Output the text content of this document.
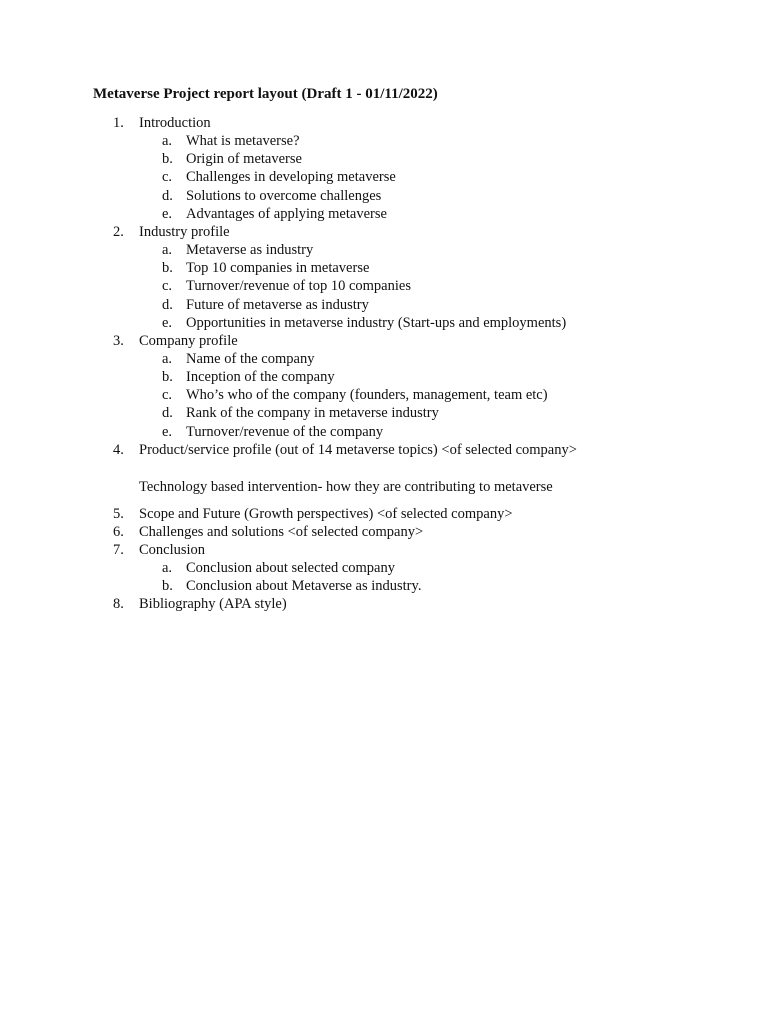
Metaverse Project report layout (Draft 1 - 01/11/2022)
1.	Introduction
a. What is metaverse?
b. Origin of metaverse
c. Challenges in developing metaverse
d. Solutions to overcome challenges
e. Advantages of applying metaverse
2.	Industry profile
a. Metaverse as industry
b. Top 10 companies in metaverse
c. Turnover/revenue of top 10 companies
d. Future of metaverse as industry
e. Opportunities in metaverse industry (Start-ups and employments)
3.	Company profile
a. Name of the company
b. Inception of the company
c. Who’s who of the company (founders, management, team etc)
d. Rank of the company in metaverse industry
e. Turnover/revenue of the company
4.	Product/service profile (out of 14 metaverse topics) <of selected company>
Technology based intervention- how they are contributing to metaverse
5.	Scope and Future (Growth perspectives) <of selected company>
6.	Challenges and solutions <of selected company>
7.	Conclusion
a. Conclusion about selected company
b. Conclusion about Metaverse as industry.
8.	Bibliography (APA style)
